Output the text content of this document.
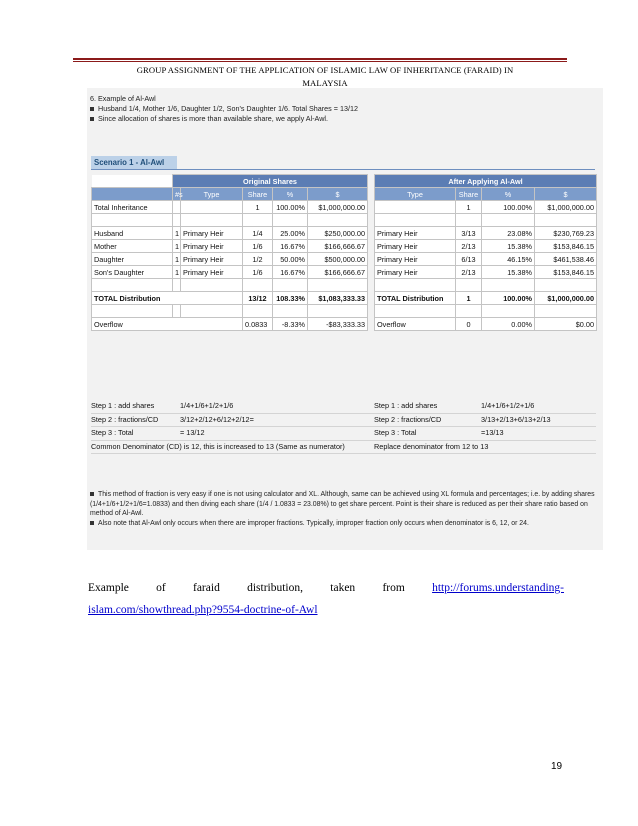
GROUP ASSIGNMENT OF THE APPLICATION OF ISLAMIC LAW OF INHERITANCE (FARAID) IN
MALAYSIA
6. Example of Al-Awl
Husband 1/4, Mother 1/6, Daughter 1/2, Son's Daughter 1/6. Total Shares = 13/12
Since allocation of shares is more than available share, we apply Al-Awl.
Scenario 1 - Al-Awl
	Original Shares				
	#s	Type	Share	%	$
Total Inheritance			1	100.00%	$1,000,000.00

Husband	1	Primary Heir	1/4	25.00%	$250,000.00
Mother	1	Primary Heir	1/6	16.67%	$166,666.67
Daughter	1	Primary Heir	1/2	50.00%	$500,000.00
Son's Daughter	1	Primary Heir	1/6	16.67%	$166,666.67

TOTAL Distribution			13/12	108.33%	$1,083,333.33

Overflow			0.0833	-8.33%	-$83,333.33
After Applying Al-Awl			
Type	Share	%	$
	1	100.00%	$1,000,000.00

Primary Heir	3/13	23.08%	$230,769.23
Primary Heir	2/13	15.38%	$153,846.15
Primary Heir	6/13	46.15%	$461,538.46
Primary Heir	2/13	15.38%	$153,846.15

TOTAL Distribution	1	100.00%	$1,000,000.00

Overflow	0	0.00%	$0.00
Step 1 : add shares	1/4+1/6+1/2+1/6
Step 2 : fractions/CD	3/12+2/12+6/12+2/12=
Step 3 : Total	= 13/12
Common Denominator (CD) is 12, this is increased to 13 (Same as numerator)
Step 1 : add shares	1/4+1/6+1/2+1/6
Step 2 : fractions/CD	3/13+2/13+6/13+2/13
Step 3 : Total	=13/13
Replace denominator from 12 to 13
This method of fraction is very easy if one is not using calculator and XL. Although, same can be achieved using XL formula and percentages; i.e. by adding shares (1/4+1/6+1/2+1/6=1.0833) and then diving each share (1/4 / 1.0833 = 23.08%) to get share percent. Point is their share is reduced as per their share ratio based on method of Al-Awl.
Also note that Al-Awl only occurs when there are improper fractions. Typically, improper fraction only occurs when denominator is 6, 12, or 24.
Example of faraid distribution, taken from http://forums.understanding-
islam.com/showthread.php?9554-doctrine-of-Awl
19
